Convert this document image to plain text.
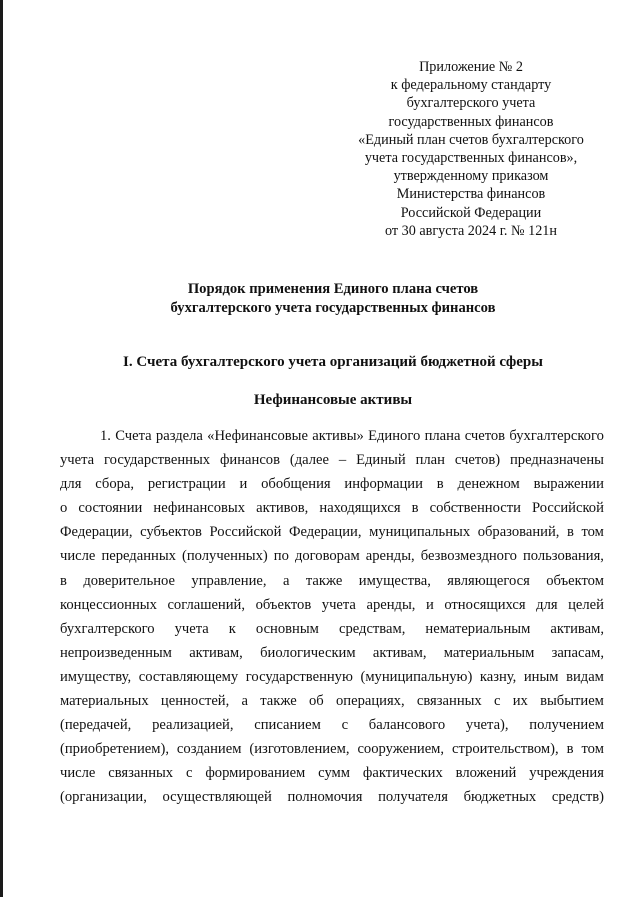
Приложение № 2
к федеральному стандарту
бухгалтерского учета
государственных финансов
«Единый план счетов бухгалтерского
учета государственных финансов»,
утвержденному приказом
Министерства финансов
Российской Федерации
от 30 августа 2024 г. № 121н
Порядок применения Единого плана счетов
бухгалтерского учета государственных финансов
I. Счета бухгалтерского учета организаций бюджетной сферы
Нефинансовые активы
1. Счета раздела «Нефинансовые активы» Единого плана счетов бухгалтерского
учета государственных финансов (далее – Единый план счетов) предназначены
для сбора, регистрации и обобщения информации в денежном выражении
о состоянии нефинансовых активов, находящихся в собственности Российской
Федерации, субъектов Российской Федерации, муниципальных образований, в том
числе переданных (полученных) по договорам аренды, безвозмездного пользования,
в доверительное управление, а также имущества, являющегося объектом
концессионных соглашений, объектов учета аренды, и относящихся для целей
бухгалтерского учета к основным средствам, нематериальным активам,
непроизведенным активам, биологическим активам, материальным запасам,
имуществу, составляющему государственную (муниципальную) казну, иным видам
материальных ценностей, а также об операциях, связанных с их выбытием
(передачей, реализацией, списанием с балансового учета), получением
(приобретением), созданием (изготовлением, сооружением, строительством), в том
числе связанных с формированием сумм фактических вложений учреждения
(организации, осуществляющей полномочия получателя бюджетных средств)
